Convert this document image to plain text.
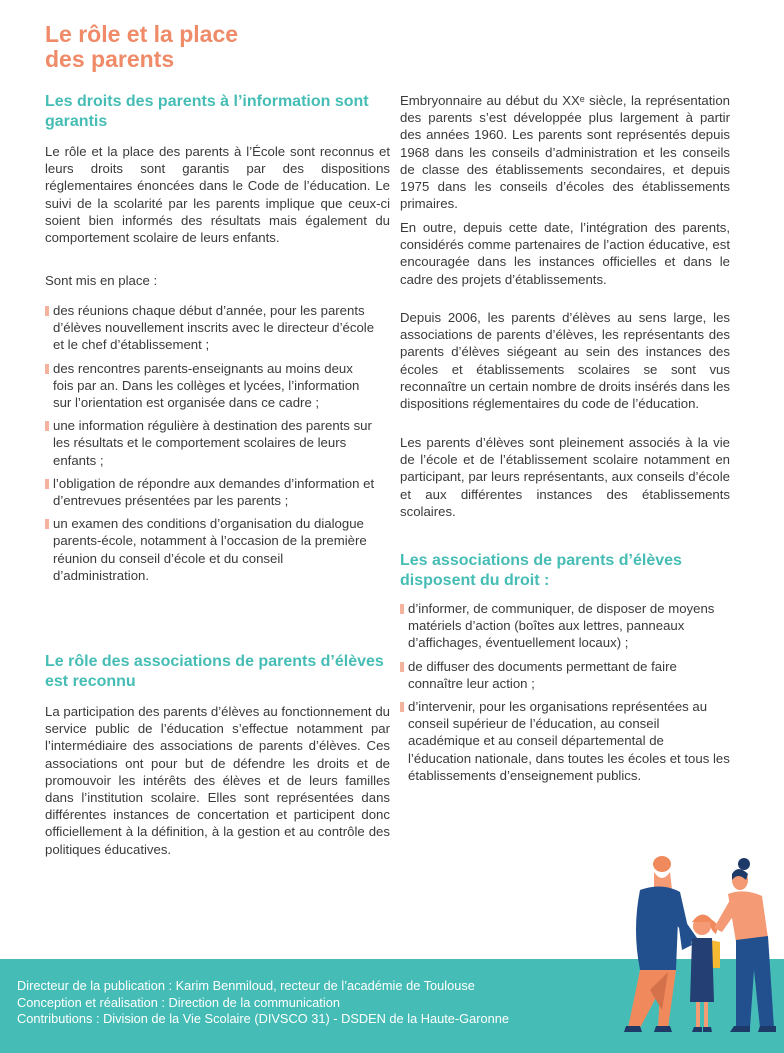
Le rôle et la place
des parents
Les droits des parents à l’information sont garantis

Le rôle et la place des parents à l’École sont reconnus et leurs droits sont garantis par des dispositions réglementaires énoncées dans le Code de l’éducation. Le suivi de la scolarité par les parents implique que ceux-ci soient bien informés des résultats mais également du comportement scolaire de leurs enfants.

Sont mis en place :

des réunions chaque début d’année, pour les parents d’élèves nouvellement inscrits avec le directeur d’école et le chef d’établissement ;
des rencontres parents-enseignants au moins deux fois par an. Dans les collèges et lycées, l’information sur l’orientation est organisée dans ce cadre ;
une information régulière à destination des parents sur les résultats et le comportement scolaires de leurs enfants ;
l’obligation de répondre aux demandes d’information et d’entrevues présentées par les parents ;
un examen des conditions d’organisation du dialogue parents-école, notamment à l’occasion de la première réunion du conseil d’école et du conseil d’administration.
Le rôle des associations de parents d’élèves est reconnu

La participation des parents d’élèves au fonctionnement du service public de l’éducation s’effectue notamment par l’intermédiaire des associations de parents d’élèves. Ces associations ont pour but de défendre les droits et de promouvoir les intérêts des élèves et de leurs familles dans l’institution scolaire. Elles sont représentées dans différentes instances de concertation et participent donc officiellement à la définition, à la gestion et au contrôle des politiques éducatives.

Embryonnaire au début du XXᵉ siècle, la représentation des parents s’est développée plus largement à partir des années 1960. Les parents sont représentés depuis 1968 dans les conseils d’administration et les conseils de classe des établissements secondaires, et depuis 1975 dans les conseils d’écoles des établissements primaires.

En outre, depuis cette date, l’intégration des parents, considérés comme partenaires de l’action éducative, est encouragée dans les instances officielles et dans le cadre des projets d’établissements.

Depuis 2006, les parents d’élèves au sens large, les associations de parents d’élèves, les représentants des parents d’élèves siégeant au sein des instances des écoles et établissements scolaires se sont vus reconnaître un certain nombre de droits insérés dans les dispositions réglementaires du code de l’éducation.

Les parents d’élèves sont pleinement associés à la vie de l’école et de l’établissement scolaire notamment en participant, par leurs représentants, aux conseils d’école et aux différentes instances des établissements scolaires.

Les associations de parents d’élèves disposent du droit :
d’informer, de communiquer, de disposer de moyens matériels d’action (boîtes aux lettres, panneaux d’affichages, éventuellement locaux) ;
de diffuser des documents permettant de faire connaître leur action ;
d’intervenir, pour les organisations représentées au conseil supérieur de l’éducation, au conseil académique et au conseil départemental de l’éducation nationale, dans toutes les écoles et tous les établissements d’enseignement publics.
Directeur de la publication : Karim Benmiloud, recteur de l’académie de Toulouse
Conception et réalisation : Direction de la communication
Contributions : Division de la Vie Scolaire (DIVSCO 31) - DSDEN de la Haute-Garonne
